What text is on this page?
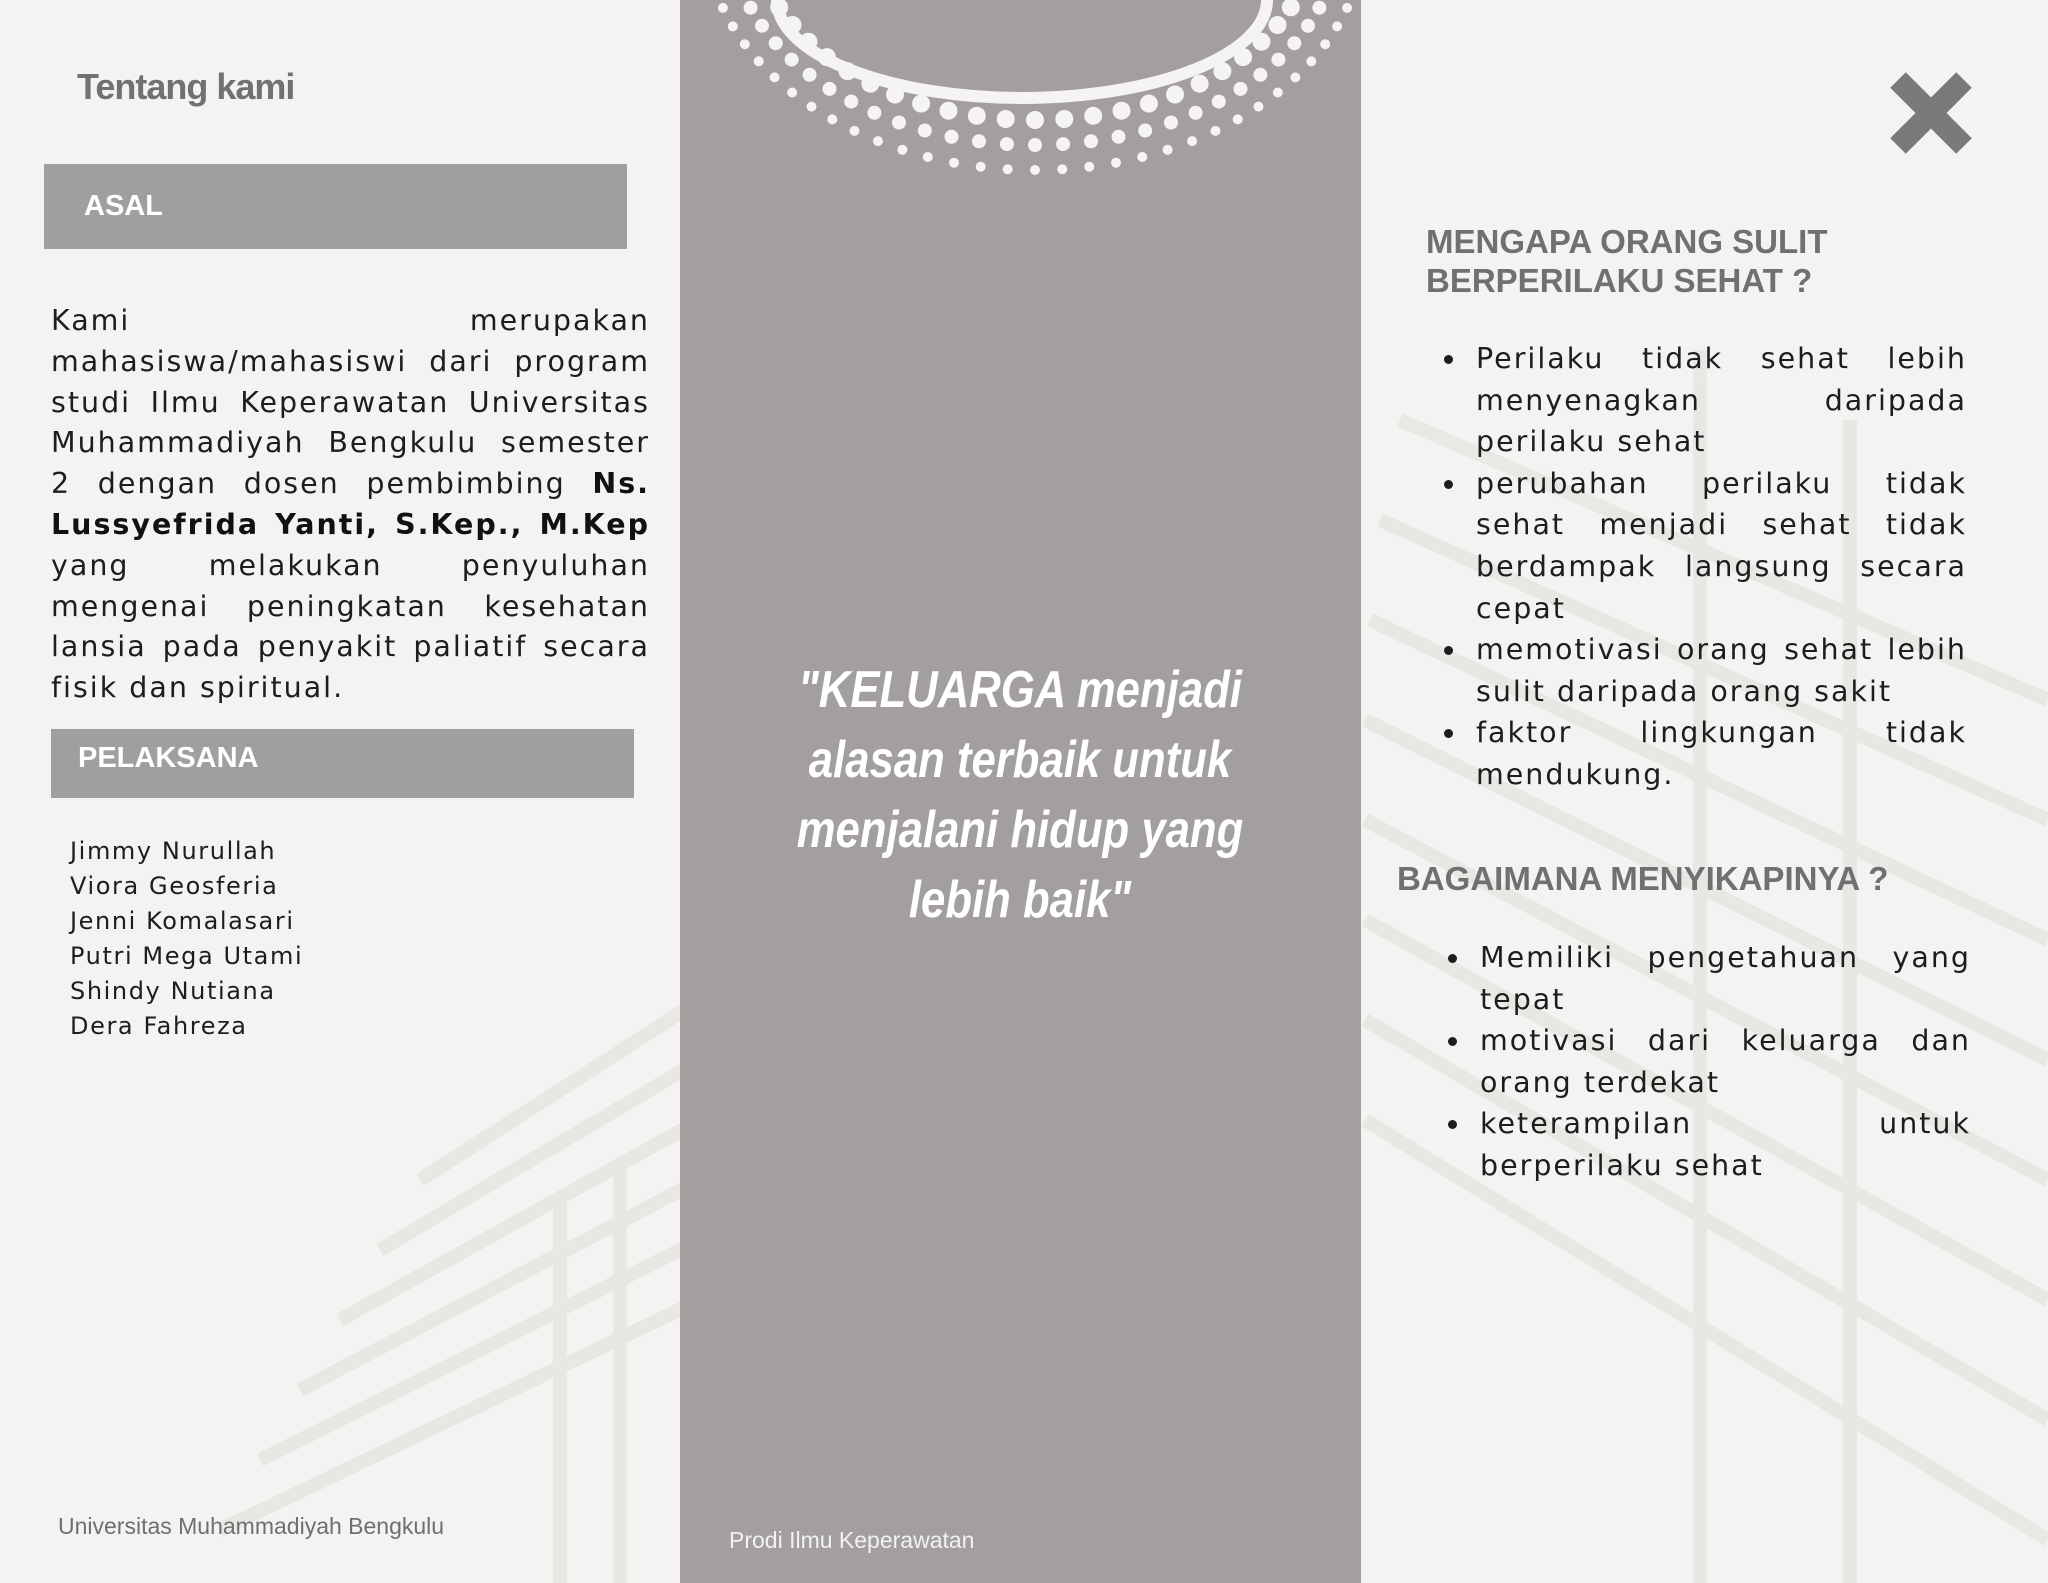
Tentang kami
ASAL

Kami merupakan mahasiswa/mahasiswi dari program studi Ilmu Keperawatan Universitas Muhammadiyah Bengkulu semester 2 dengan dosen pembimbing Ns. Lussyefrida Yanti, S.Kep., M.Kep yang melakukan penyuluhan mengenai peningkatan kesehatan lansia pada penyakit paliatif secara fisik dan spiritual.

PELAKSANA
Jimmy Nurullah
Viora Geosferia
Jenni Komalasari
Putri Mega Utami
Shindy Nutiana
Dera Fahreza
Universitas Muhammadiyah Bengkulu

"KELUARGA menjadi alasan terbaik untuk menjalani hidup yang lebih baik"

Prodi Ilmu Keperawatan
MENGAPA ORANG SULIT BERPERILAKU SEHAT ?
Perilaku tidak sehat lebih menyenagkan daripada perilaku sehat
perubahan perilaku tidak sehat menjadi sehat tidak berdampak langsung secara cepat
memotivasi orang sehat lebih sulit daripada orang sakit
faktor lingkungan tidak mendukung.
BAGAIMANA MENYIKAPINYA ?
Memiliki pengetahuan yang tepat
motivasi dari keluarga dan orang terdekat
keterampilan untuk berperilaku sehat
